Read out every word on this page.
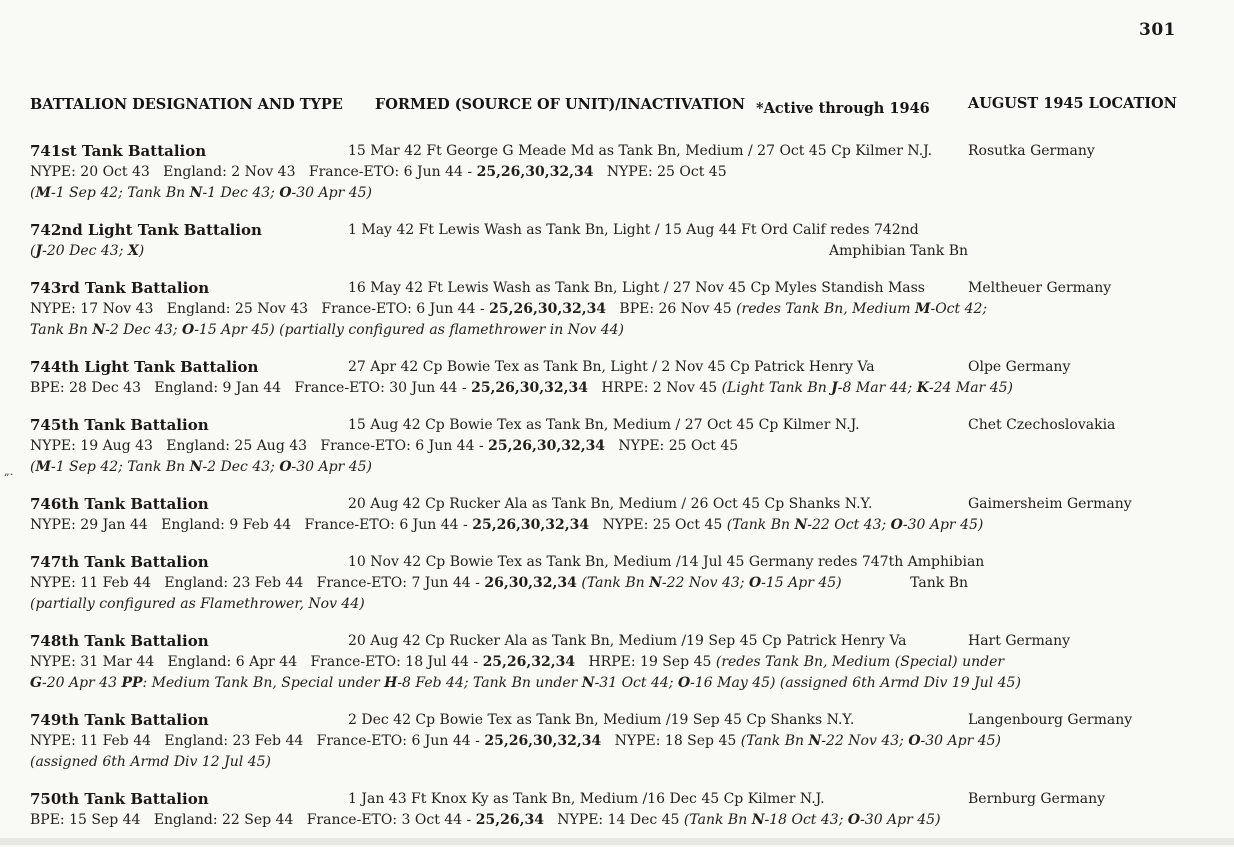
301
BATTALION DESIGNATION AND TYPE FORMED (SOURCE OF UNIT)/INACTIVATION *Active through 1946	AUGUST 1945 LOCATION
741st Tank Battalion	15 Mar 42 Ft George G Meade Md as Tank Bn, Medium / 27 Oct 45 Cp Kilmer N.J.	Rosutka Germany
NYPE: 20 Oct 43   England: 2 Nov 43   France-ETO: 6 Jun 44 - 25,26,30,32,34   NYPE: 25 Oct 45
(M-1 Sep 42; Tank Bn N-1 Dec 43; O-30 Apr 45)
742nd Light Tank Battalion	1 May 42 Ft Lewis Wash as Tank Bn, Light / 15 Aug 44 Ft Ord Calif redes 742nd
(J-20 Dec 43; X)	Amphibian Tank Bn
743rd Tank Battalion	16 May 42 Ft Lewis Wash as Tank Bn, Light / 27 Nov 45 Cp Myles Standish Mass	Meltheuer Germany
NYPE: 17 Nov 43   England: 25 Nov 43   France-ETO: 6 Jun 44 - 25,26,30,32,34   BPE: 26 Nov 45 (redes Tank Bn, Medium M-Oct 42;
Tank Bn N-2 Dec 43; O-15 Apr 45) (partially configured as flamethrower in Nov 44)
744th Light Tank Battalion	27 Apr 42 Cp Bowie Tex as Tank Bn, Light / 2 Nov 45 Cp Patrick Henry Va	Olpe Germany
BPE: 28 Dec 43   England: 9 Jan 44   France-ETO: 30 Jun 44 - 25,26,30,32,34   HRPE: 2 Nov 45 (Light Tank Bn J-8 Mar 44; K-24 Mar 45)
745th Tank Battalion	15 Aug 42 Cp Bowie Tex as Tank Bn, Medium / 27 Oct 45 Cp Kilmer N.J.	Chet Czechoslovakia
NYPE: 19 Aug 43   England: 25 Aug 43   France-ETO: 6 Jun 44 - 25,26,30,32,34   NYPE: 25 Oct 45
„. (M-1 Sep 42; Tank Bn N-2 Dec 43; O-30 Apr 45)
746th Tank Battalion	20 Aug 42 Cp Rucker Ala as Tank Bn, Medium / 26 Oct 45 Cp Shanks N.Y.	Gaimersheim Germany
NYPE: 29 Jan 44   England: 9 Feb 44   France-ETO: 6 Jun 44 - 25,26,30,32,34   NYPE: 25 Oct 45 (Tank Bn N-22 Oct 43; O-30 Apr 45)
747th Tank Battalion	10 Nov 42 Cp Bowie Tex as Tank Bn, Medium /14 Jul 45 Germany redes 747th Amphibian
NYPE: 11 Feb 44   England: 23 Feb 44   France-ETO: 7 Jun 44 - 26,30,32,34 (Tank Bn N-22 Nov 43; O-15 Apr 45)	Tank Bn
(partially configured as Flamethrower, Nov 44)
748th Tank Battalion	20 Aug 42 Cp Rucker Ala as Tank Bn, Medium /19 Sep 45 Cp Patrick Henry Va	Hart Germany
NYPE: 31 Mar 44   England: 6 Apr 44   France-ETO: 18 Jul 44 - 25,26,32,34   HRPE: 19 Sep 45 (redes Tank Bn, Medium (Special) under
G-20 Apr 43 PP: Medium Tank Bn, Special under H-8 Feb 44; Tank Bn under N-31 Oct 44; O-16 May 45) (assigned 6th Armd Div 19 Jul 45)
749th Tank Battalion	2 Dec 42 Cp Bowie Tex as Tank Bn, Medium /19 Sep 45 Cp Shanks N.Y.	Langenbourg Germany
NYPE: 11 Feb 44   England: 23 Feb 44   France-ETO: 6 Jun 44 - 25,26,30,32,34   NYPE: 18 Sep 45 (Tank Bn N-22 Nov 43; O-30 Apr 45)
(assigned 6th Armd Div 12 Jul 45)
750th Tank Battalion	1 Jan 43 Ft Knox Ky as Tank Bn, Medium /16 Dec 45 Cp Kilmer N.J.	Bernburg Germany
BPE: 15 Sep 44   England: 22 Sep 44   France-ETO: 3 Oct 44 - 25,26,34   NYPE: 14 Dec 45 (Tank Bn N-18 Oct 43; O-30 Apr 45)
